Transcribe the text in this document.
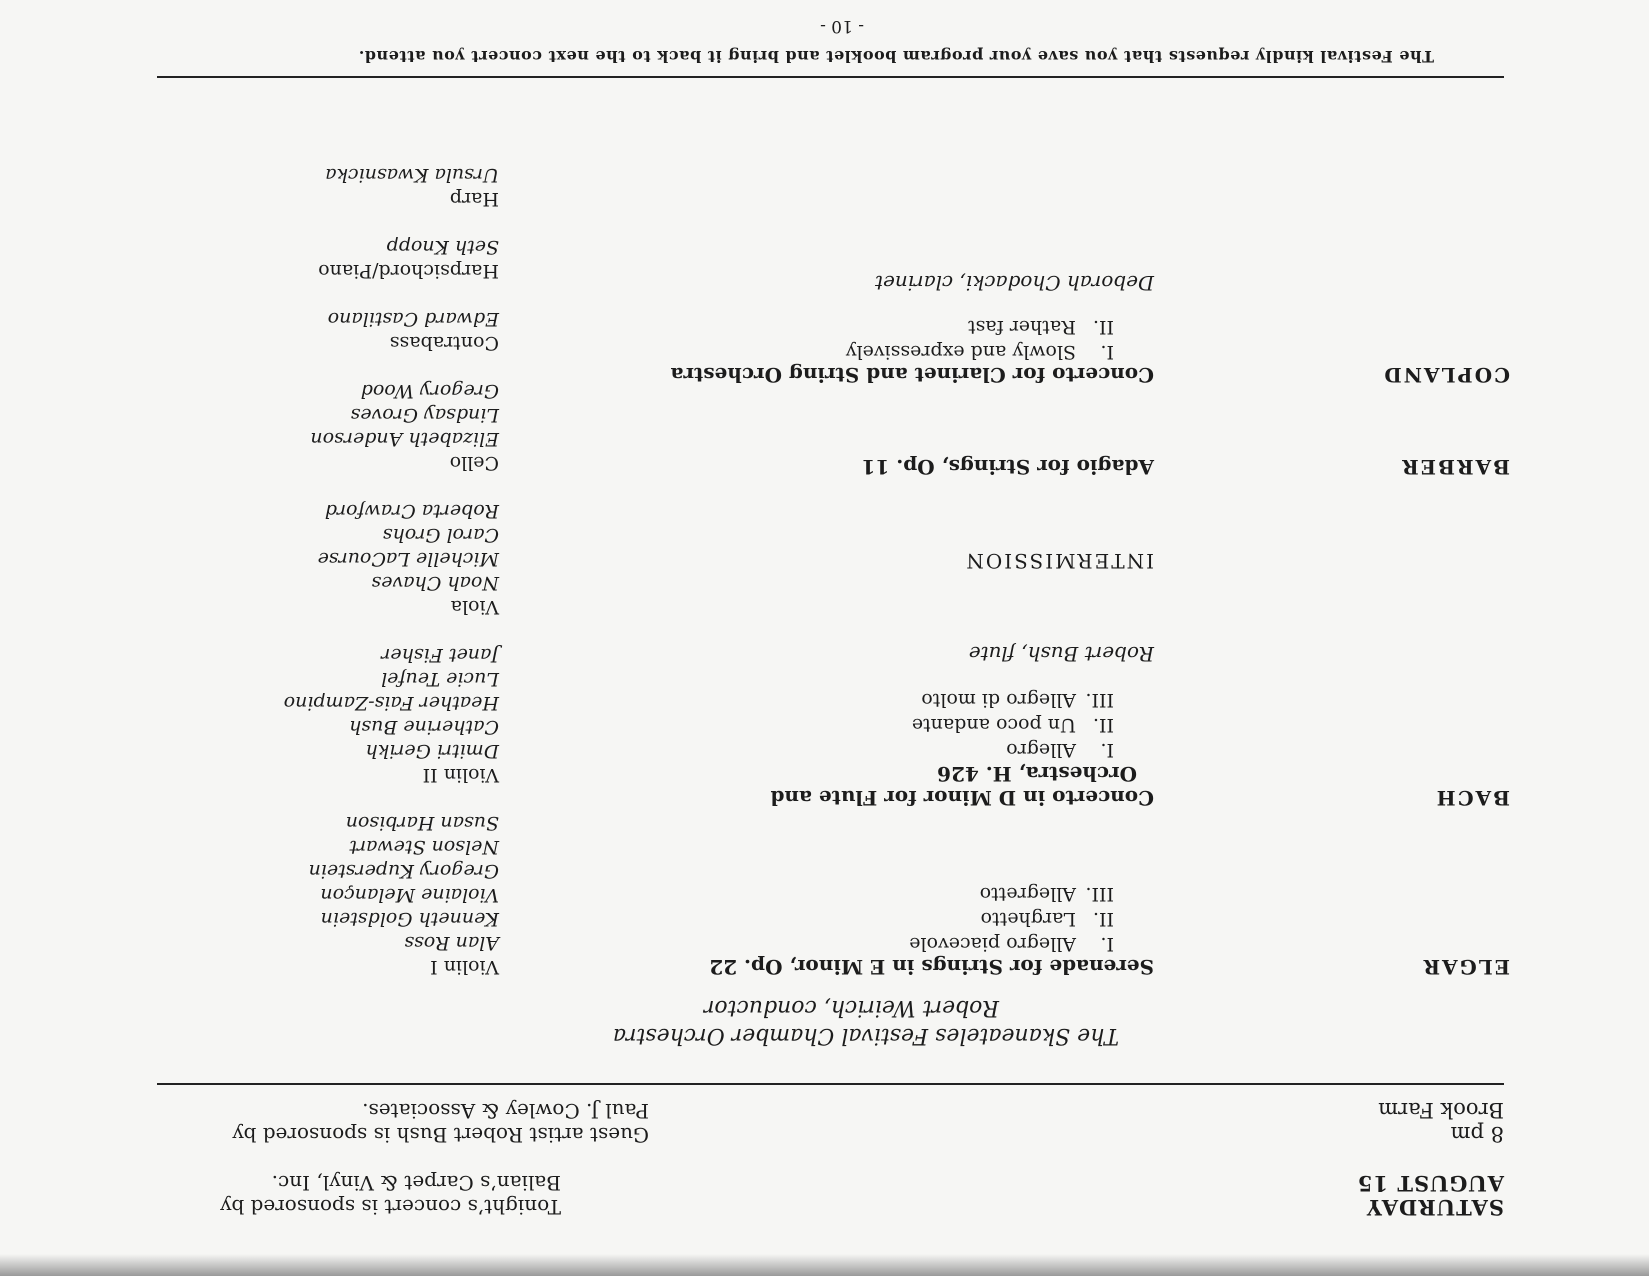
SATURDAY
AUGUST 15
8 pm
Brook Farm
Tonight’s concert is sponsored by
Balian’s Carpet & Vinyl, Inc.
Guest artist Robert Bush is sponsored by
Paul J. Cowley & Associates.
The Skaneateles Festival Chamber Orchestra
Robert Weirich, conductor
ELGAR
Serenade for Strings in E Minor, Op. 22
I.Allegro piacevole
II.Larghetto
III.Allegretto
BACH
Concerto in D Minor for Flute and
Orchestra, H. 426
I.Allegro
II.Un poco andante
III.Allegro di molto
Robert Bush, flute
INTERMISSION
BARBER
Adagio for Strings, Op. 11
COPLAND
Concerto for Clarinet and String Orchestra
I.Slowly and expressively
II.Rather fast
Deborah Chodacki, clarinet
Violin I
Alan Ross
Kenneth Goldstein
Violaine Melançon
Gregory Kuperstein
Nelson Stewart
Susan Harbison
Violin II
Dmitri Gerikh
Catherine Bush
Heather Fais-Zampino
Lucie Teufel
Janet Fisher
Viola
Noah Chaves
Michelle LaCourse
Carol Grohs
Roberta Crawford
Cello
Elizabeth Anderson
Lindsay Groves
Gregory Wood
Contrabass
Edward Castilano
Harpsichord/Piano
Seth Knopp
Harp
Ursula Kwasnicka
The Festival kindly requests that you save your program booklet and bring it back to the next concert you attend.
- 10 -
